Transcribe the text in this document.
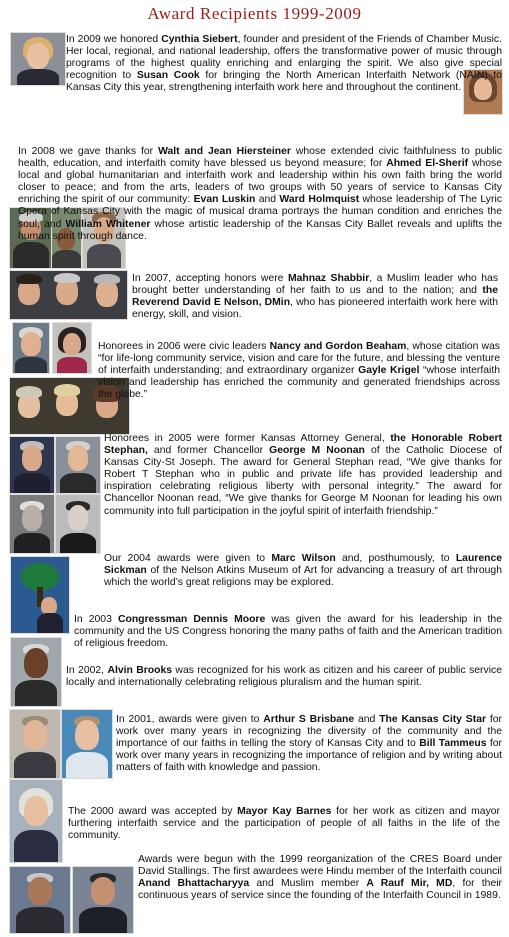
Award Recipients 1999-2009
In 2009 we honored Cynthia Siebert, founder and president of the Friends of Chamber Music. Her local, regional, and national leadership, offers the transformative power of music through programs of the highest quality enriching and enlarging the spirit. We also give special recognition to Susan Cook for bringing the North American Interfaith Network (NAIN) to Kansas City this year, strengthening interfaith work here and throughout the continent.
In 2008 we gave thanks for Walt and Jean Hiersteiner whose extended civic faithfulness to public health, education, and interfaith comity have blessed us beyond measure; for Ahmed El-Sherif whose local and global humanitarian and interfaith work and leadership within his own faith bring the world closer to peace; and from the arts, leaders of two groups with 50 years of service to Kansas City enriching the spirit of our community: Evan Luskin and Ward Holmquist whose leadership of The Lyric Opera of Kansas City with the magic of musical drama portrays the human condition and enriches the soul, and William Whitener whose artistic leadership of the Kansas City Ballet reveals and uplifts the human spirit through dance.
In 2007, accepting honors were Mahnaz Shabbir, a Muslim leader who has brought better understanding of her faith to us and to the nation; and the Reverend David E Nelson, DMin, who has pioneered interfaith work here with energy, skill, and vision.
Honorees in 2006 were civic leaders Nancy and Gordon Beaham, whose citation was “for life-long community service, vision and care for the future, and blessing the venture of interfaith understanding; and extraordinary organizer Gayle Krigel “whose interfaith vision and leadership has enriched the community and generated friendships across the globe.”
Honorees in 2005 were former Kansas Attorney General, the Honorable Robert Stephan, and former Chancellor George M Noonan of the Catholic Diocese of Kansas City-St Joseph. The award for General Stephan read, “We give thanks for Robert T Stephan who in public and private life has provided leadership and inspiration celebrating religious liberty with personal integrity.” The award for Chancellor Noonan read, “We give thanks for George M Noonan for leading his own community into full participation in the joyful spirit of interfaith friendship.”
Our 2004 awards were given to Marc Wilson and, posthumously, to Laurence Sickman of the Nelson Atkins Museum of Art for advancing a treasury of art through which the world’s great religions may be explored.
In 2003 Congressman Dennis Moore was given the award for his leadership in the community and the US Congress honoring the many paths of faith and the American tradition of religious freedom.
In 2002, Alvin Brooks was recognized for his work as citizen and his career of public service locally and internationally celebrating religious pluralism and the human spirit.
In 2001, awards were given to Arthur S Brisbane and The Kansas City Star for work over many years in recognizing the diversity of the community and the importance of our faiths in telling the story of Kansas City and to Bill Tammeus for work over many years in recognizing the importance of religion and by writing about matters of faith with knowledge and passion.
The 2000 award was accepted by Mayor Kay Barnes for her work as citizen and mayor furthering interfaith service and the participation of people of all faiths in the life of the community.
Awards were begun with the 1999 reorganization of the CRES Board under David Stallings. The first awardees were Hindu member of the Interfaith council Anand Bhattacharyya and Muslim member A Rauf Mir, MD, for their continuous years of service since the founding of the Interfaith Council in 1989.
